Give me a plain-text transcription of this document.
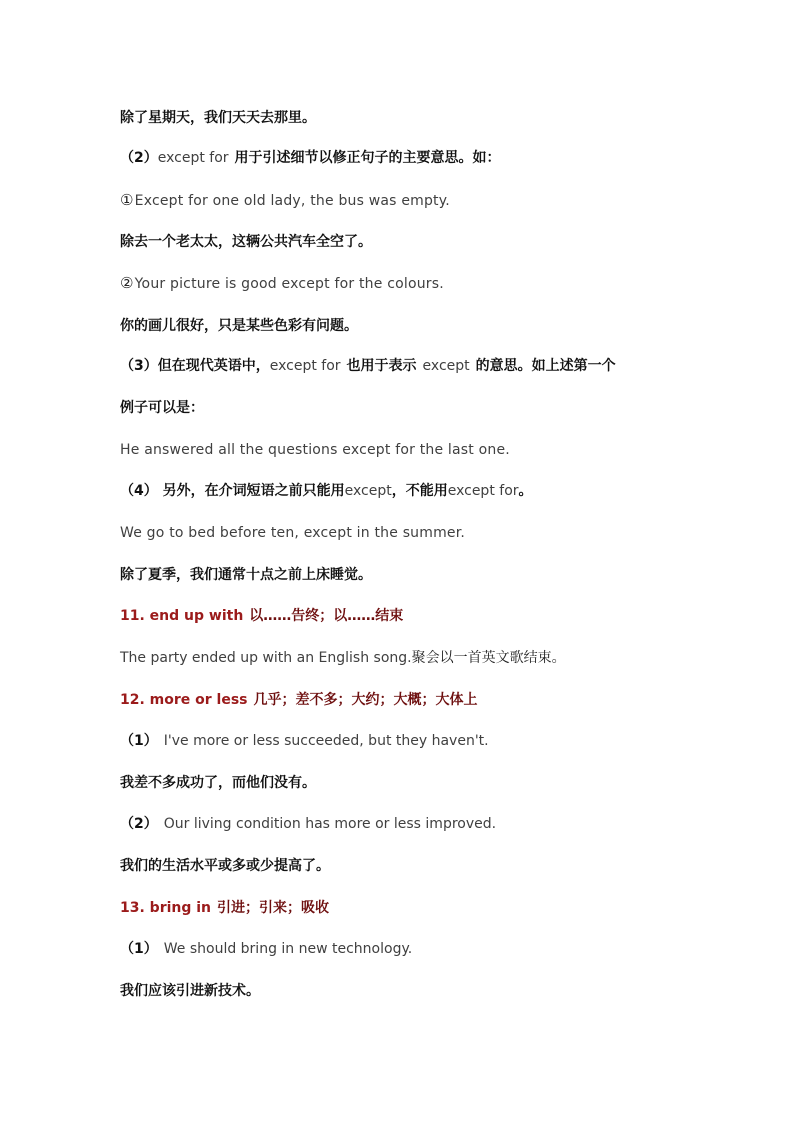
除了星期天，我们天天去那里。
（2）except for 用于引述细节以修正句子的主要意思。如：
①Except for one old lady, the bus was empty.
除去一个老太太，这辆公共汽车全空了。
②Your picture is good except for the colours.
你的画儿很好，只是某些色彩有问题。
（3）但在现代英语中，except for 也用于表示 except 的意思。如上述第一个
例子可以是：
He answered all the questions except for the last one.
（4） 另外，在介词短语之前只能用except，不能用except for。
We go to bed before ten, except in the summer.
除了夏季，我们通常十点之前上床睡觉。
11. end up with 以……告终；以……结束
The party ended up with an English song.聚会以一首英文歌结束。
12. more or less 几乎；差不多；大约；大概；大体上
（1） I've more or less succeeded, but they haven't.
我差不多成功了，而他们没有。
（2） Our living condition has more or less improved.
我们的生活水平或多或少提高了。
13. bring in 引进；引来；吸收
（1） We should bring in new technology.
我们应该引进新技术。
